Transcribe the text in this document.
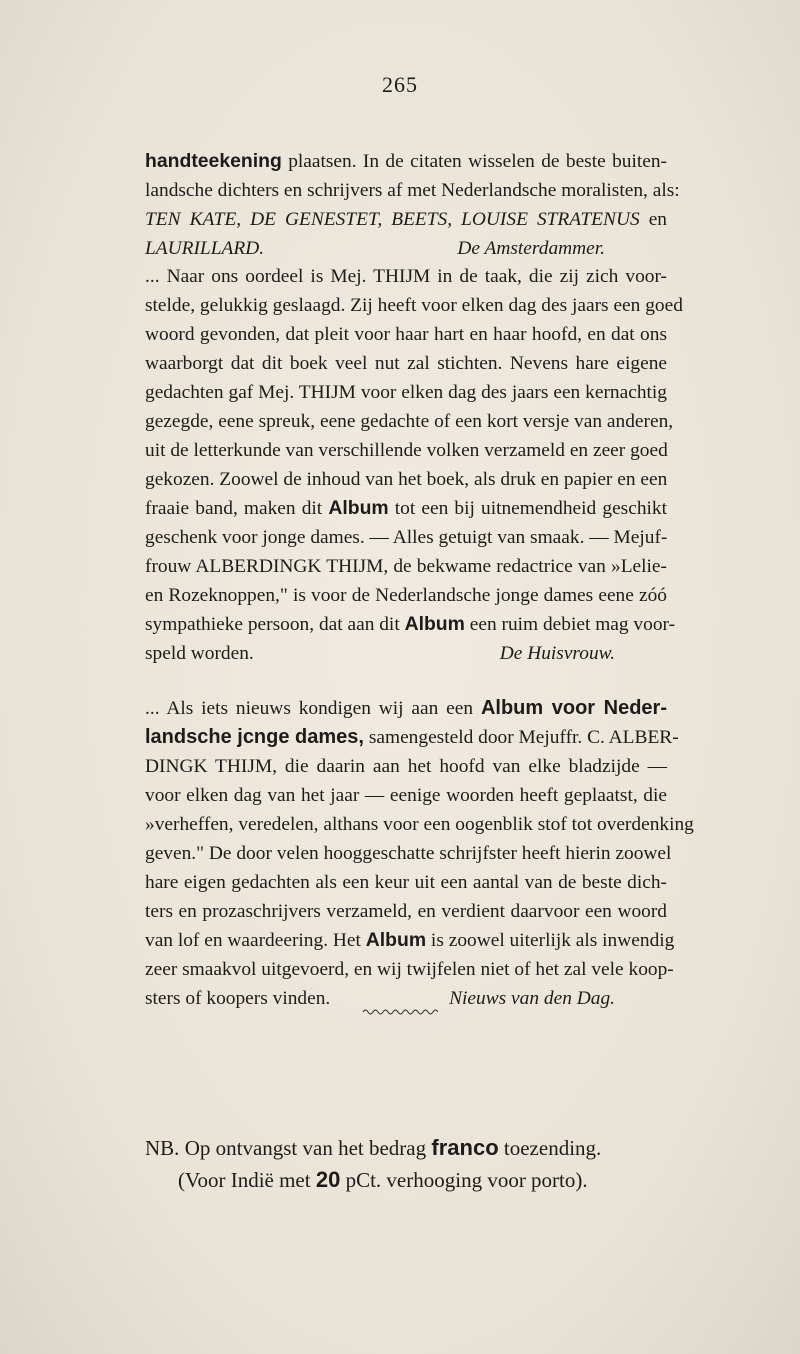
265
handteekening plaatsen. In de citaten wisselen de beste buiten-
landsche dichters en schrijvers af met Nederlandsche moralisten, als:
TEN KATE, DE GENESTET, BEETS, LOUISE STRATENUS en
LAURILLARD.	De Amsterdammer.
... Naar ons oordeel is Mej. THIJM in de taak, die zij zich voor-
stelde, gelukkig geslaagd. Zij heeft voor elken dag des jaars een goed
woord gevonden, dat pleit voor haar hart en haar hoofd, en dat ons
waarborgt dat dit boek veel nut zal stichten. Nevens hare eigene
gedachten gaf Mej. THIJM voor elken dag des jaars een kernachtig
gezegde, eene spreuk, eene gedachte of een kort versje van anderen,
uit de letterkunde van verschillende volken verzameld en zeer goed
gekozen. Zoowel de inhoud van het boek, als druk en papier en een
fraaie band, maken dit Album tot een bij uitnemendheid geschikt
geschenk voor jonge dames. — Alles getuigt van smaak. — Mejuf-
frouw ALBERDINGK THIJM, de bekwame redactrice van »Lelie-
en Rozeknoppen," is voor de Nederlandsche jonge dames eene zóó
sympathieke persoon, dat aan dit Album een ruim debiet mag voor-
speld worden.	De Huisvrouw.
... Als iets nieuws kondigen wij aan een Album voor Neder-
landsche jcnge dames, samengesteld door Mejuffr. C. ALBER-
DINGK THIJM, die daarin aan het hoofd van elke bladzijde —
voor elken dag van het jaar — eenige woorden heeft geplaatst, die
»verheffen, veredelen, althans voor een oogenblik stof tot overdenking
geven." De door velen hooggeschatte schrijfster heeft hierin zoowel
hare eigen gedachten als een keur uit een aantal van de beste dich-
ters en prozaschrijvers verzameld, en verdient daarvoor een woord
van lof en waardeering. Het Album is zoowel uiterlijk als inwendig
zeer smaakvol uitgevoerd, en wij twijfelen niet of het zal vele koop-
sters of koopers vinden.	Nieuws van den Dag.
NB. Op ontvangst van het bedrag franco toezending.
(Voor Indië met 20 pCt. verhooging voor porto).
